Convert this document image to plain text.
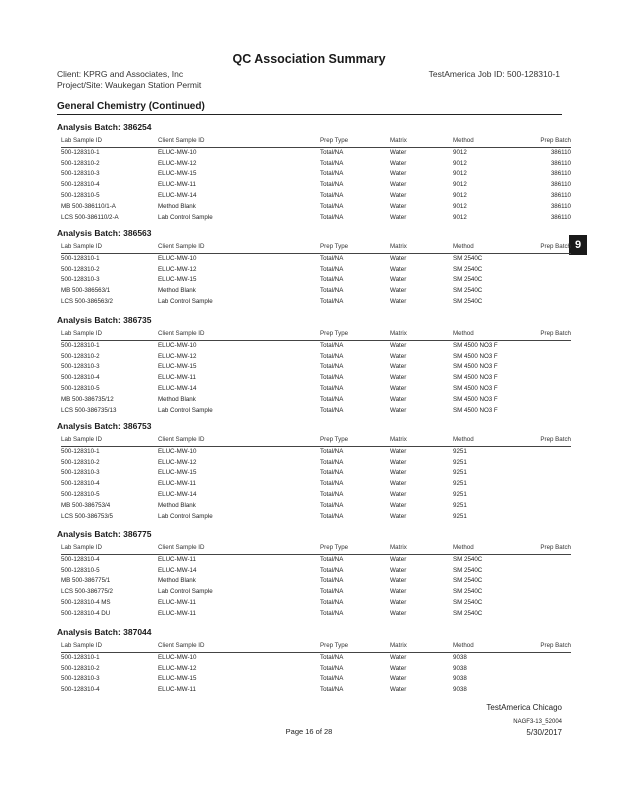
QC Association Summary
Client: KPRG and Associates, Inc
Project/Site: Waukegan Station Permit
TestAmerica Job ID: 500-128310-1
General Chemistry (Continued)
9
Analysis Batch: 386254
Lab Sample ID	Client Sample ID	Prep Type	Matrix	Method	Prep Batch
500-128310-1	ELUC-MW-10	Total/NA	Water	9012	386110
500-128310-2	ELUC-MW-12	Total/NA	Water	9012	386110
500-128310-3	ELUC-MW-15	Total/NA	Water	9012	386110
500-128310-4	ELUC-MW-11	Total/NA	Water	9012	386110
500-128310-5	ELUC-MW-14	Total/NA	Water	9012	386110
MB 500-386110/1-A	Method Blank	Total/NA	Water	9012	386110
LCS 500-386110/2-A	Lab Control Sample	Total/NA	Water	9012	386110
Analysis Batch: 386563
Lab Sample ID	Client Sample ID	Prep Type	Matrix	Method	Prep Batch
500-128310-1	ELUC-MW-10	Total/NA	Water	SM 2540C	
500-128310-2	ELUC-MW-12	Total/NA	Water	SM 2540C	
500-128310-3	ELUC-MW-15	Total/NA	Water	SM 2540C	
MB 500-386563/1	Method Blank	Total/NA	Water	SM 2540C	
LCS 500-386563/2	Lab Control Sample	Total/NA	Water	SM 2540C	
Analysis Batch: 386735
Lab Sample ID	Client Sample ID	Prep Type	Matrix	Method	Prep Batch
500-128310-1	ELUC-MW-10	Total/NA	Water	SM 4500 NO3 F	
500-128310-2	ELUC-MW-12	Total/NA	Water	SM 4500 NO3 F	
500-128310-3	ELUC-MW-15	Total/NA	Water	SM 4500 NO3 F	
500-128310-4	ELUC-MW-11	Total/NA	Water	SM 4500 NO3 F	
500-128310-5	ELUC-MW-14	Total/NA	Water	SM 4500 NO3 F	
MB 500-386735/12	Method Blank	Total/NA	Water	SM 4500 NO3 F	
LCS 500-386735/13	Lab Control Sample	Total/NA	Water	SM 4500 NO3 F	
Analysis Batch: 386753
Lab Sample ID	Client Sample ID	Prep Type	Matrix	Method	Prep Batch
500-128310-1	ELUC-MW-10	Total/NA	Water	9251	
500-128310-2	ELUC-MW-12	Total/NA	Water	9251	
500-128310-3	ELUC-MW-15	Total/NA	Water	9251	
500-128310-4	ELUC-MW-11	Total/NA	Water	9251	
500-128310-5	ELUC-MW-14	Total/NA	Water	9251	
MB 500-386753/4	Method Blank	Total/NA	Water	9251	
LCS 500-386753/5	Lab Control Sample	Total/NA	Water	9251	
Analysis Batch: 386775
Lab Sample ID	Client Sample ID	Prep Type	Matrix	Method	Prep Batch
500-128310-4	ELUC-MW-11	Total/NA	Water	SM 2540C	
500-128310-5	ELUC-MW-14	Total/NA	Water	SM 2540C	
MB 500-386775/1	Method Blank	Total/NA	Water	SM 2540C	
LCS 500-386775/2	Lab Control Sample	Total/NA	Water	SM 2540C	
500-128310-4 MS	ELUC-MW-11	Total/NA	Water	SM 2540C	
500-128310-4 DU	ELUC-MW-11	Total/NA	Water	SM 2540C	
Analysis Batch: 387044
Lab Sample ID	Client Sample ID	Prep Type	Matrix	Method	Prep Batch
500-128310-1	ELUC-MW-10	Total/NA	Water	9038	
500-128310-2	ELUC-MW-12	Total/NA	Water	9038	
500-128310-3	ELUC-MW-15	Total/NA	Water	9038	
500-128310-4	ELUC-MW-11	Total/NA	Water	9038	
TestAmerica Chicago
NAGF3-13_52004
Page 16 of 28	5/30/2017
